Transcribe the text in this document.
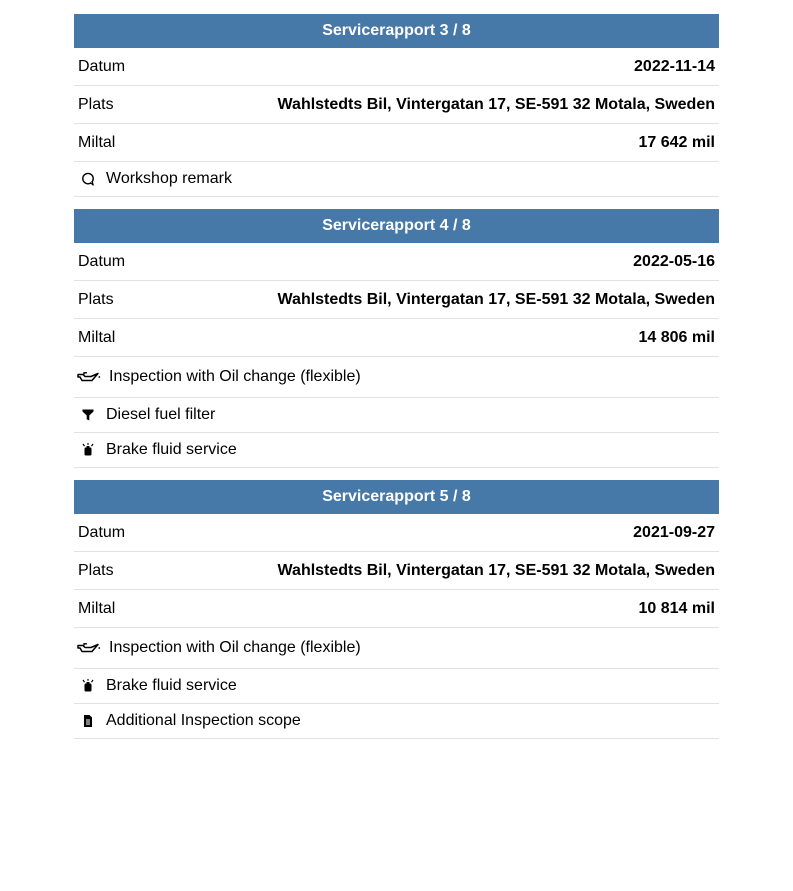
Servicerapport 3 / 8
Datum	2022-11-14
Plats	Wahlstedts Bil, Vintergatan 17, SE-591 32 Motala, Sweden
Miltal	17 642 mil
Workshop remark
Servicerapport 4 / 8
Datum	2022-05-16
Plats	Wahlstedts Bil, Vintergatan 17, SE-591 32 Motala, Sweden
Miltal	14 806 mil
Inspection with Oil change (flexible)
Diesel fuel filter
Brake fluid service
Servicerapport 5 / 8
Datum	2021-09-27
Plats	Wahlstedts Bil, Vintergatan 17, SE-591 32 Motala, Sweden
Miltal	10 814 mil
Inspection with Oil change (flexible)
Brake fluid service
Additional Inspection scope
